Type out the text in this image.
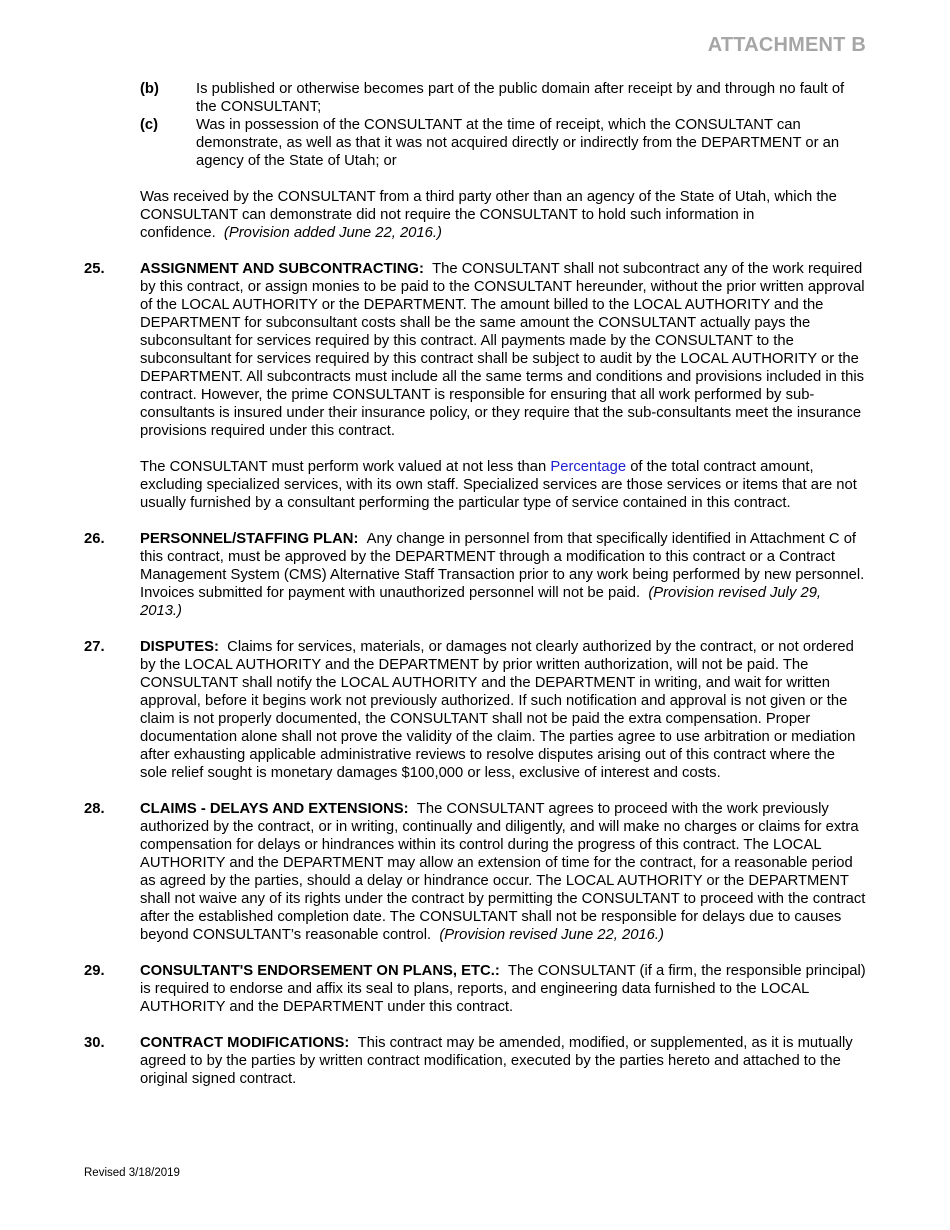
ATTACHMENT B
(b)	Is published or otherwise becomes part of the public domain after receipt by and through no fault of the CONSULTANT;
(c)	Was in possession of the CONSULTANT at the time of receipt, which the CONSULTANT can demonstrate, as well as that it was not acquired directly or indirectly from the DEPARTMENT or an agency of the State of Utah; or
Was received by the CONSULTANT from a third party other than an agency of the State of Utah, which the CONSULTANT can demonstrate did not require the CONSULTANT to hold such information in confidence. (Provision added June 22, 2016.)
25.	ASSIGNMENT AND SUBCONTRACTING: The CONSULTANT shall not subcontract any of the work required by this contract, or assign monies to be paid to the CONSULTANT hereunder, without the prior written approval of the LOCAL AUTHORITY or the DEPARTMENT. The amount billed to the LOCAL AUTHORITY and the DEPARTMENT for subconsultant costs shall be the same amount the CONSULTANT actually pays the subconsultant for services required by this contract. All payments made by the CONSULTANT to the subconsultant for services required by this contract shall be subject to audit by the LOCAL AUTHORITY or the DEPARTMENT. All subcontracts must include all the same terms and conditions and provisions included in this contract. However, the prime CONSULTANT is responsible for ensuring that all work performed by sub-consultants is insured under their insurance policy, or they require that the sub-consultants meet the insurance provisions required under this contract.

The CONSULTANT must perform work valued at not less than Percentage of the total contract amount, excluding specialized services, with its own staff. Specialized services are those services or items that are not usually furnished by a consultant performing the particular type of service contained in this contract.

26.	PERSONNEL/STAFFING PLAN: Any change in personnel from that specifically identified in Attachment C of this contract, must be approved by the DEPARTMENT through a modification to this contract or a Contract Management System (CMS) Alternative Staff Transaction prior to any work being performed by new personnel. Invoices submitted for payment with unauthorized personnel will not be paid. (Provision revised July 29, 2013.)

27.	DISPUTES: Claims for services, materials, or damages not clearly authorized by the contract, or not ordered by the LOCAL AUTHORITY and the DEPARTMENT by prior written authorization, will not be paid. The CONSULTANT shall notify the LOCAL AUTHORITY and the DEPARTMENT in writing, and wait for written approval, before it begins work not previously authorized. If such notification and approval is not given or the claim is not properly documented, the CONSULTANT shall not be paid the extra compensation. Proper documentation alone shall not prove the validity of the claim. The parties agree to use arbitration or mediation after exhausting applicable administrative reviews to resolve disputes arising out of this contract where the sole relief sought is monetary damages $100,000 or less, exclusive of interest and costs.

28.	CLAIMS - DELAYS AND EXTENSIONS: The CONSULTANT agrees to proceed with the work previously authorized by the contract, or in writing, continually and diligently, and will make no charges or claims for extra compensation for delays or hindrances within its control during the progress of this contract. The LOCAL AUTHORITY and the DEPARTMENT may allow an extension of time for the contract, for a reasonable period as agreed by the parties, should a delay or hindrance occur. The LOCAL AUTHORITY or the DEPARTMENT shall not waive any of its rights under the contract by permitting the CONSULTANT to proceed with the contract after the established completion date. The CONSULTANT shall not be responsible for delays due to causes beyond CONSULTANT’s reasonable control. (Provision revised June 22, 2016.)

29.	CONSULTANT'S ENDORSEMENT ON PLANS, ETC.: The CONSULTANT (if a firm, the responsible principal) is required to endorse and affix its seal to plans, reports, and engineering data furnished to the LOCAL AUTHORITY and the DEPARTMENT under this contract.

30.	CONTRACT MODIFICATIONS: This contract may be amended, modified, or supplemented, as it is mutually agreed to by the parties by written contract modification, executed by the parties hereto and attached to the original signed contract.

Revised 3/18/2019
